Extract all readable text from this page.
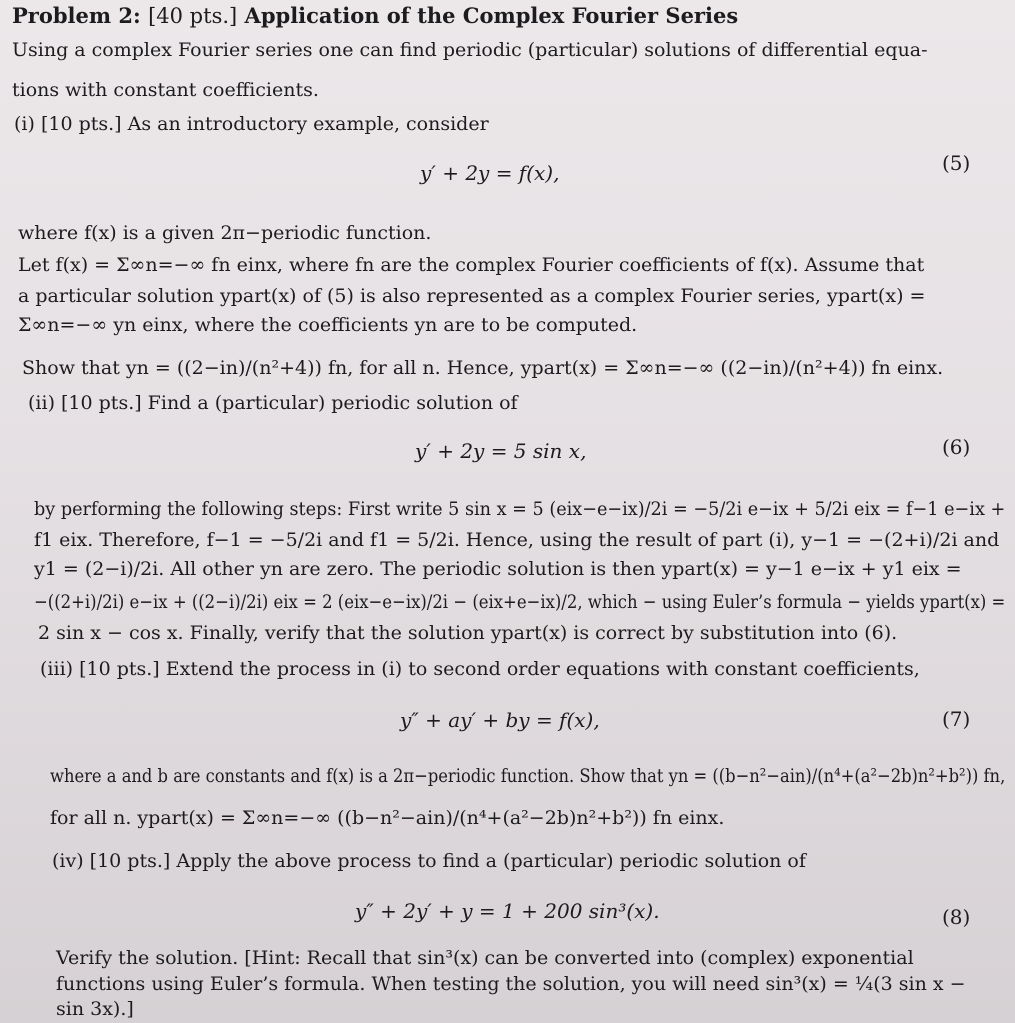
Problem 2: [40 pts.] Application of the Complex Fourier Series
Using a complex Fourier series one can find periodic (particular) solutions of differential equa-
tions with constant coefficients.
(i) [10 pts.] As an introductory example, consider
y′ + 2y = f(x),	(5)
where f(x) is a given 2π−periodic function.
Let f(x) = Σ∞n=−∞ fn einx, where fn are the complex Fourier coefficients of f(x). Assume that
a particular solution ypart(x) of (5) is also represented as a complex Fourier series, ypart(x) =
Σ∞n=−∞ yn einx, where the coefficients yn are to be computed.
Show that yn = ((2−in)/(n²+4)) fn, for all n. Hence, ypart(x) = Σ∞n=−∞ ((2−in)/(n²+4)) fn einx.
(ii) [10 pts.] Find a (particular) periodic solution of
y′ + 2y = 5 sin x,	(6)
by performing the following steps: First write 5 sin x = 5 (eix−e−ix)/2i = −5/2i e−ix + 5/2i eix = f−1 e−ix +
f1 eix. Therefore, f−1 = −5/2i and f1 = 5/2i. Hence, using the result of part (i), y−1 = −(2+i)/2i and
y1 = (2−i)/2i. All other yn are zero. The periodic solution is then ypart(x) = y−1 e−ix + y1 eix =
−((2+i)/2i) e−ix + ((2−i)/2i) eix = 2 (eix−e−ix)/2i − (eix+e−ix)/2, which − using Euler’s formula − yields ypart(x) =
2 sin x − cos x. Finally, verify that the solution ypart(x) is correct by substitution into (6).
(iii) [10 pts.] Extend the process in (i) to second order equations with constant coefficients,
y″ + ay′ + by = f(x),	(7)
where a and b are constants and f(x) is a 2π−periodic function. Show that yn = ((b−n²−ain)/(n⁴+(a²−2b)n²+b²)) fn,
for all n. ypart(x) = Σ∞n=−∞ ((b−n²−ain)/(n⁴+(a²−2b)n²+b²)) fn einx.
(iv) [10 pts.] Apply the above process to find a (particular) periodic solution of
y″ + 2y′ + y = 1 + 200 sin³(x).	(8)
Verify the solution. [Hint: Recall that sin³(x) can be converted into (complex) exponential
functions using Euler’s formula. When testing the solution, you will need sin³(x) = ¼(3 sin x −
sin 3x).]
